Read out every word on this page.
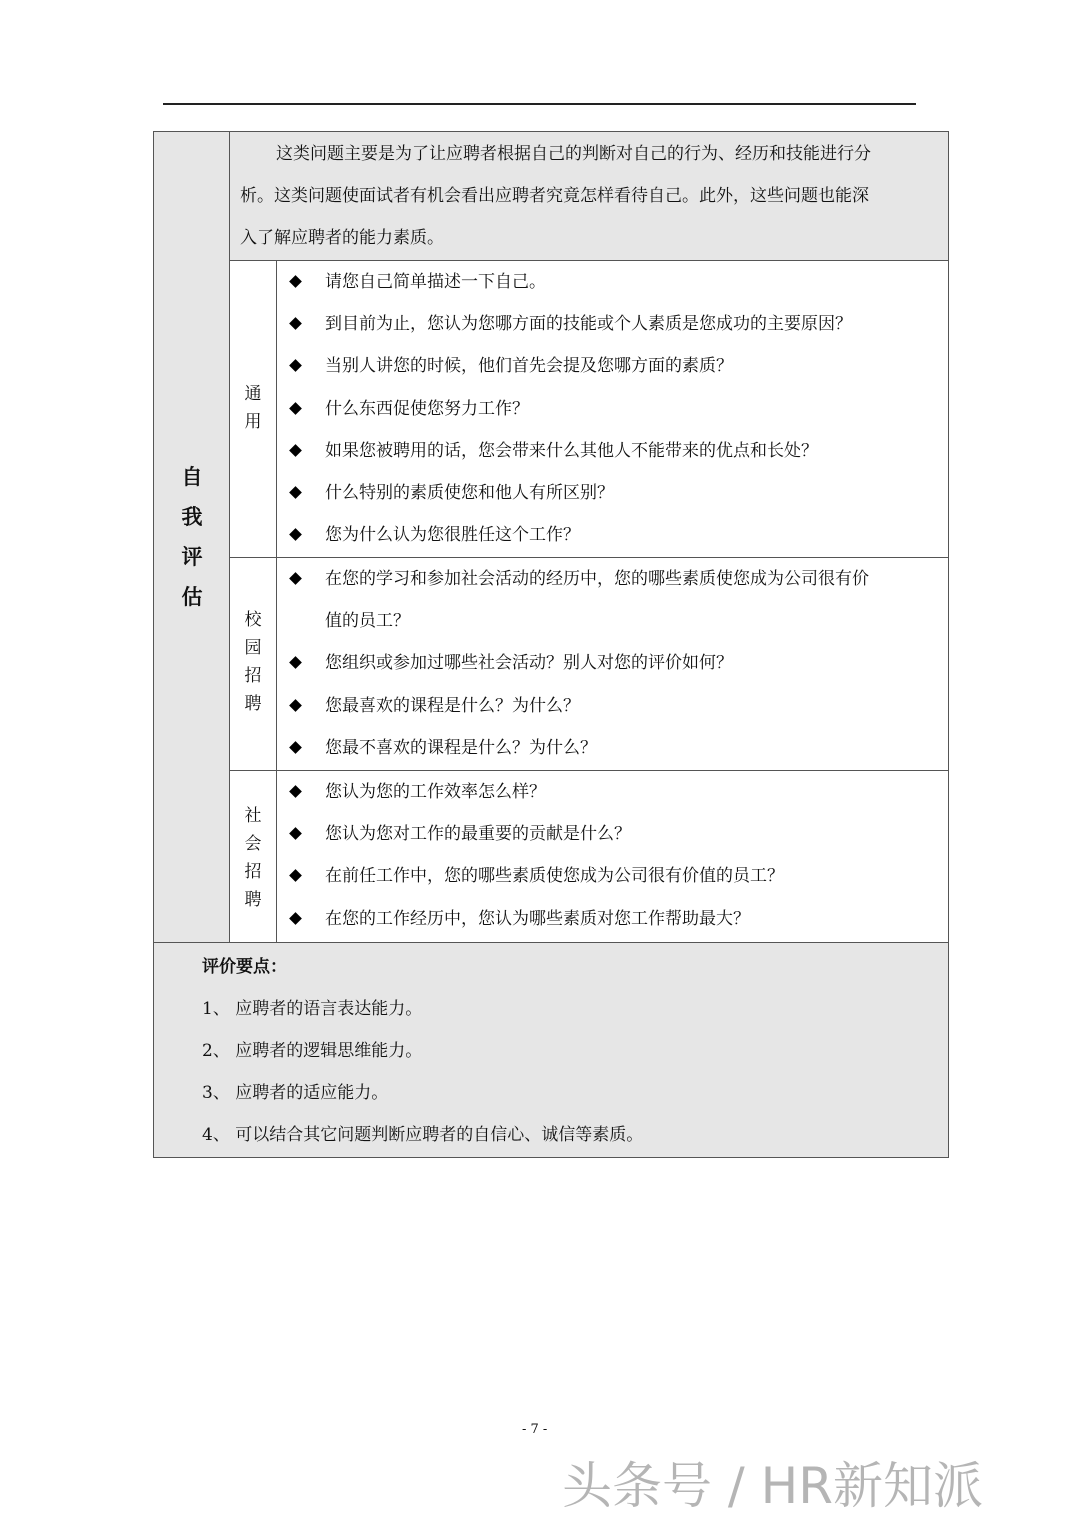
自
我
评
估
这类问题主要是为了让应聘者根据自己的判断对自己的行为、经历和技能进行分
析。这类问题使面试者有机会看出应聘者究竟怎样看待自己。此外，这些问题也能深
入了解应聘者的能力素质。
通
用
请您自己简单描述一下自己。
到目前为止，您认为您哪方面的技能或个人素质是您成功的主要原因？
当别人讲您的时候，他们首先会提及您哪方面的素质？
什么东西促使您努力工作？
如果您被聘用的话，您会带来什么其他人不能带来的优点和长处？
什么特别的素质使您和他人有所区别？
您为什么认为您很胜任这个工作？
校
园
招
聘
在您的学习和参加社会活动的经历中，您的哪些素质使您成为公司很有价
值的员工？
您组织或参加过哪些社会活动？别人对您的评价如何？
您最喜欢的课程是什么？为什么？
您最不喜欢的课程是什么？为什么？
社
会
招
聘
您认为您的工作效率怎么样？
您认为您对工作的最重要的贡献是什么？
在前任工作中，您的哪些素质使您成为公司很有价值的员工？
在您的工作经历中，您认为哪些素质对您工作帮助最大？
评价要点：
1、 应聘者的语言表达能力。
2、 应聘者的逻辑思维能力。
3、 应聘者的适应能力。
4、 可以结合其它问题判断应聘者的自信心、诚信等素质。
- 7 -
头条号 / HR新知派
